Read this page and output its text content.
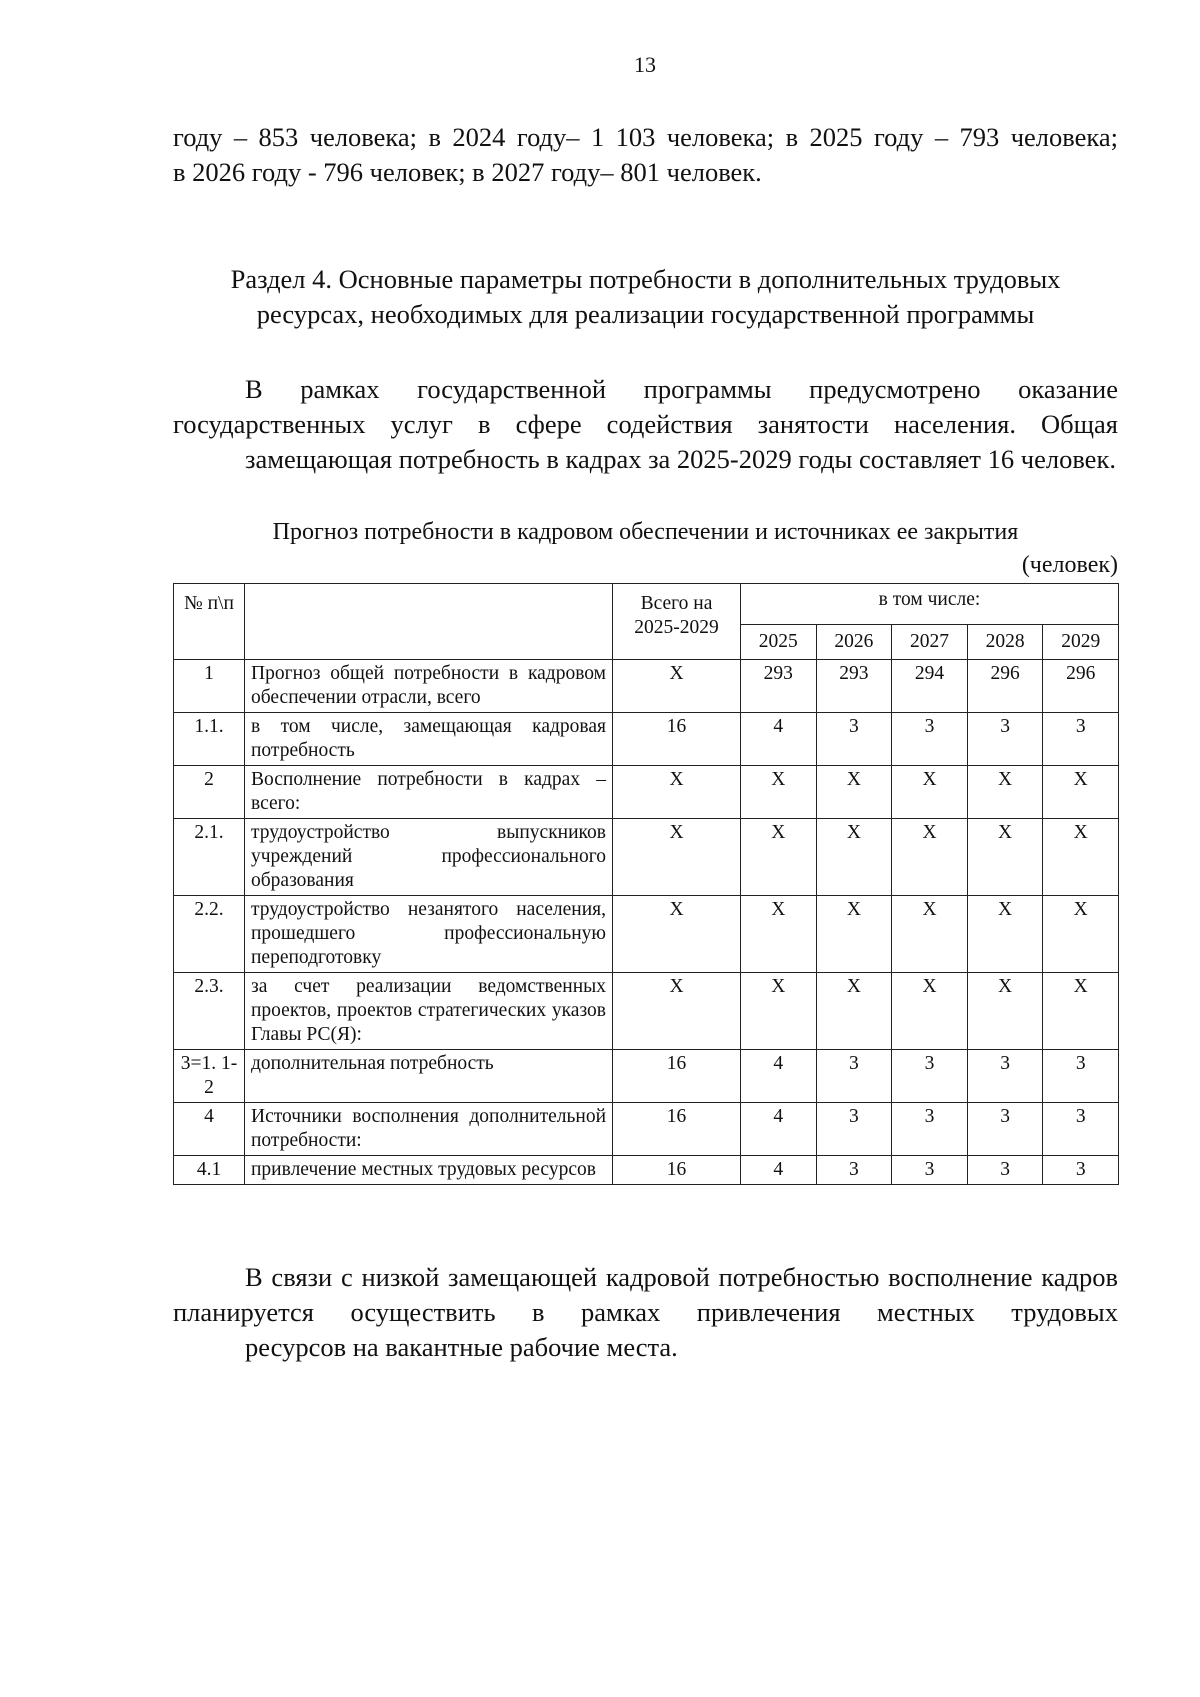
13
году – 853 человека; в 2024 году– 1 103 человека; в 2025 году – 793 человека;
в 2026 году - 796 человек; в 2027 году– 801 человек.
Раздел 4. Основные параметры потребности в дополнительных трудовых
ресурсах, необходимых для реализации государственной программы
В рамках государственной программы предусмотрено оказание государственных услуг в сфере содействия занятости населения. Общая
замещающая потребность в кадрах за 2025-2029 годы составляет 16 человек.
Прогноз потребности в кадровом обеспечении и источниках ее закрытия
(человек)
№ п\п		Всего на 2025-2029	в том числе:				
			2025	2026	2027	2028	2029
1	Прогноз общей потребности в кадровом обеспечении отрасли, всего	Х	293	293	294	296	296
1.1.	в том числе, замещающая кадровая потребность	16	4	3	3	3	3
2	Восполнение потребности в кадрах – всего:	Х	Х	Х	Х	Х	Х
2.1.	трудоустройство выпускников учреждений профессионального образования	Х	Х	Х	Х	Х	Х
2.2.	трудоустройство незанятого населения, прошедшего профессиональную переподготовку	Х	Х	Х	Х	Х	Х
2.3.	за счет реализации ведомственных проектов, проектов стратегических указов Главы РС(Я):	Х	Х	Х	Х	Х	Х
3=1. 1-2	дополнительная потребность	16	4	3	3	3	3
4	Источники восполнения дополнительной потребности:	16	4	3	3	3	3
4.1	привлечение местных трудовых ресурсов	16	4	3	3	3	3
В связи с низкой замещающей кадровой потребностью восполнение кадров планируется осуществить в рамках привлечения местных трудовых
ресурсов на вакантные рабочие места.
